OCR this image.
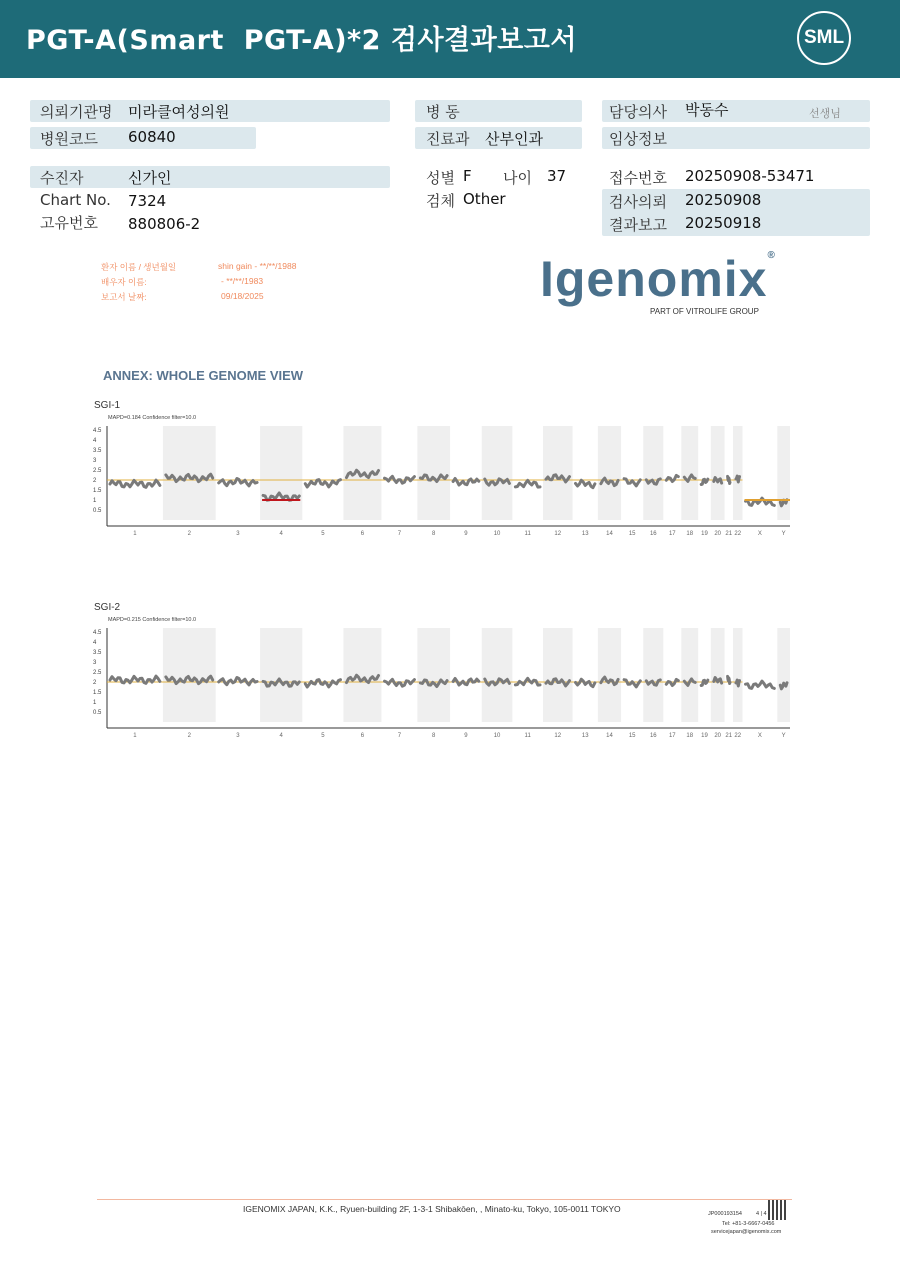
PGT-A(Smart  PGT-A)*2 검사결과보고서	SML
의뢰기관명 미라클여성의원
병원코드 60840
병 동
진료과 산부인과
담당의사 박동수	선생님
임상정보
수진자	신가인
Chart No. 7324
고유번호 880806-2
성별 F 나이 37
검체 Other
접수번호 20250908-53471
검사의뢰 20250908
결과보고 20250918
환자 이름 / 생년월일	shin gain - **/**/1988
배우자 이름:	- **/**/1983
보고서 날짜:	09/18/2025	Igenomix®
PART OF VITROLIFE GROUP
ANNEX: WHOLE GENOME VIEW
SGI-1
MAPD=0.184 Confidence filter=10.0
4.5
4
3.5
3
2.5
2
1.5
1
0.5
1	2	3	4	5	6	7	8	9	10	11	12	13	14	15 16 17 18 19 20 21 22	X	Y
SGI-2
MAPD=0.215 Confidence filter=10.0
4.5
4
3.5
3
2.5
2
1.5
1
0.5
1	2	3	4	5	6	7	8	9	10	11	12	13	14	15 16 17 18 19 20 21 22	X	Y
IGENOMIX JAPAN, K.K., Ryuen-building 2F, 1-3-1 Shibakōen, , Minato-ku, Tokyo, 105-0011 TOKYO	JP000193154	4 | 4
Tel: +81-3-6667-0456
servicejapan@igenomix.com
